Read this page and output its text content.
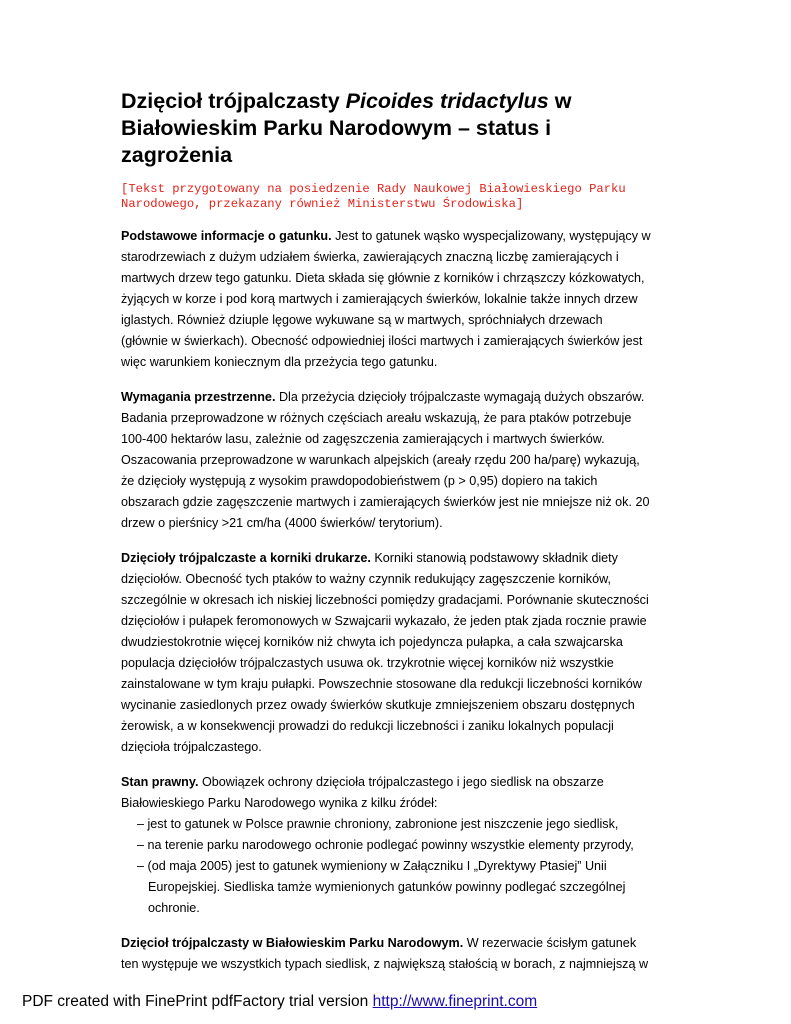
Dzięcioł trójpalczasty Picoides tridactylus w Białowieskim Parku Narodowym – status i zagrożenia
[Tekst przygotowany na posiedzenie Rady Naukowej Białowieskiego Parku Narodowego, przekazany również Ministerstwu Środowiska]

Podstawowe informacje o gatunku. Jest to gatunek wąsko wyspecjalizowany, występujący w starodrzewiach z dużym udziałem świerka, zawierających znaczną liczbę zamierających i martwych drzew tego gatunku. Dieta składa się głównie z korników i chrząszczy kózkowatych, żyjących w korze i pod korą martwych i zamierających świerków, lokalnie także innych drzew iglastych. Również dziuple lęgowe wykuwane są w martwych, spróchniałych drzewach (głównie w świerkach). Obecność odpowiedniej ilości martwych i zamierających świerków jest więc warunkiem koniecznym dla przeżycia tego gatunku.

Wymagania przestrzenne. Dla przeżycia dzięcioły trójpalczaste wymagają dużych obszarów. Badania przeprowadzone w różnych częściach areału wskazują, że para ptaków potrzebuje 100-400 hektarów lasu, zależnie od zagęszczenia zamierających i martwych świerków. Oszacowania przeprowadzone w warunkach alpejskich (areały rzędu 200 ha/parę) wykazują, że dzięcioły występują z wysokim prawdopodobieństwem (p > 0,95) dopiero na takich obszarach gdzie zagęszczenie martwych i zamierających świerków jest nie mniejsze niż ok. 20 drzew o pierśnicy >21 cm/ha (4000 świerków/ terytorium).

Dzięcioły trójpalczaste a korniki drukarze. Korniki stanowią podstawowy składnik diety dzięciołów. Obecność tych ptaków to ważny czynnik redukujący zagęszczenie korników, szczególnie w okresach ich niskiej liczebności pomiędzy gradacjami. Porównanie skuteczności dzięciołów i pułapek feromonowych w Szwajcarii wykazało, że jeden ptak zjada rocznie prawie dwudziestokrotnie więcej korników niż chwyta ich pojedyncza pułapka, a cała szwajcarska populacja dzięciołów trójpalczastych usuwa ok. trzykrotnie więcej korników niż wszystkie zainstalowane w tym kraju pułapki. Powszechnie stosowane dla redukcji liczebności korników wycinanie zasiedlonych przez owady świerków skutkuje zmniejszeniem obszaru dostępnych żerowisk, a w konsekwencji prowadzi do redukcji liczebności i zaniku lokalnych populacji dzięcioła trójpalczastego.

Stan prawny. Obowiązek ochrony dzięcioła trójpalczastego i jego siedlisk na obszarze Białowieskiego Parku Narodowego wynika z kilku źródeł:

– jest to gatunek w Polsce prawnie chroniony, zabronione jest niszczenie jego siedlisk,
– na terenie parku narodowego ochronie podlegać powinny wszystkie elementy przyrody,
– (od maja 2005) jest to gatunek wymieniony w Załączniku I „Dyrektywy Ptasiej” Unii Europejskiej. Siedliska tamże wymienionych gatunków powinny podlegać szczególnej ochronie.

Dzięcioł trójpalczasty w Białowieskim Parku Narodowym. W rezerwacie ścisłym gatunek ten występuje we wszystkich typach siedlisk, z największą stałością w borach, z najmniejszą w

PDF created with FinePrint pdfFactory trial version http://www.fineprint.com
